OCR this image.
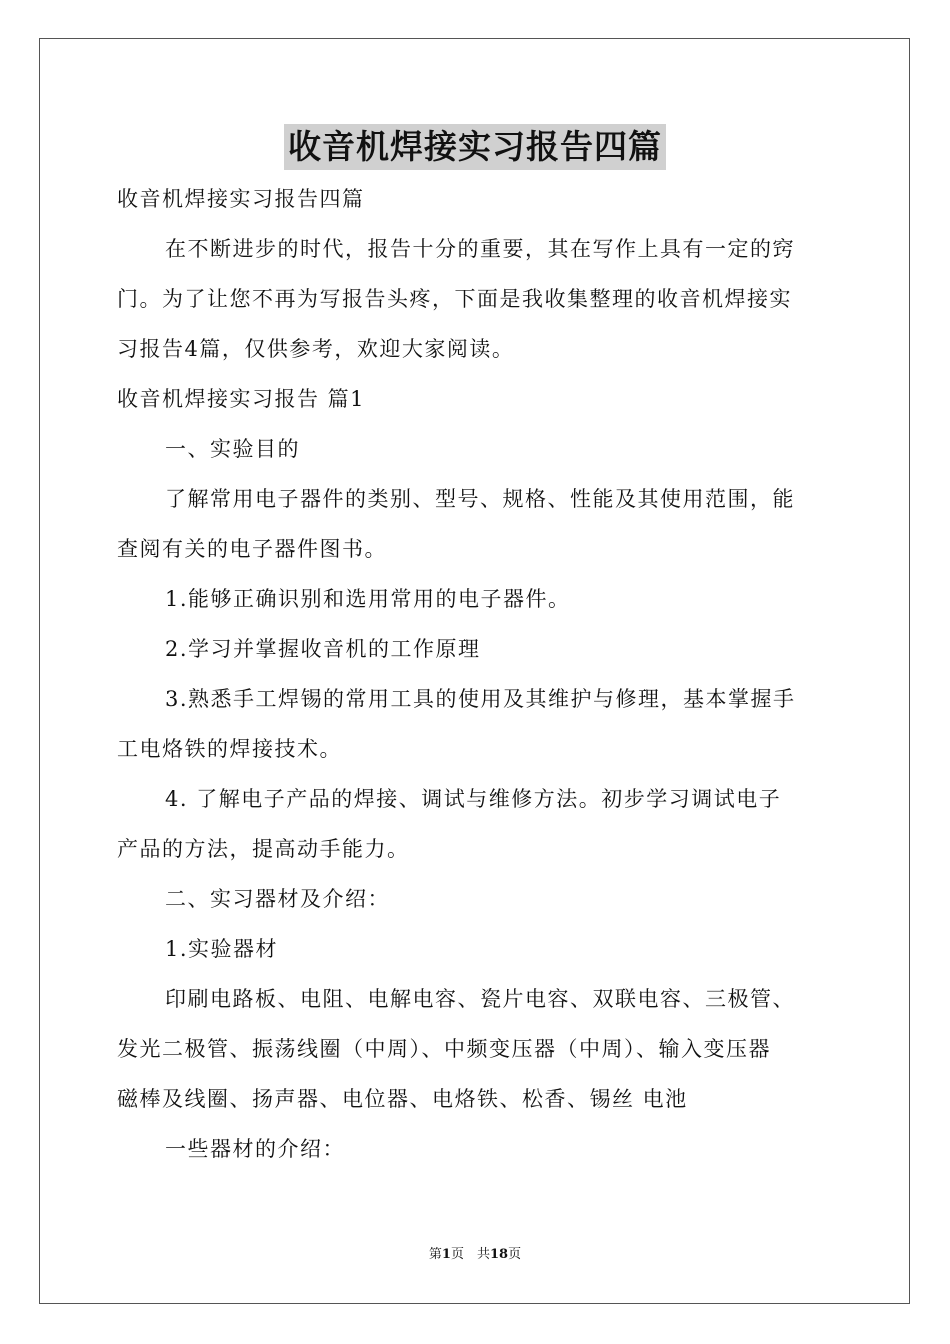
收音机焊接实习报告四篇
收音机焊接实习报告四篇
在不断进步的时代，报告十分的重要，其在写作上具有一定的窍
门。为了让您不再为写报告头疼，下面是我收集整理的收音机焊接实
习报告4篇，仅供参考，欢迎大家阅读。
收音机焊接实习报告 篇1
一、实验目的
了解常用电子器件的类别、型号、规格、性能及其使用范围，能
查阅有关的电子器件图书。
1.能够正确识别和选用常用的电子器件。
2.学习并掌握收音机的工作原理
3.熟悉手工焊锡的常用工具的使用及其维护与修理，基本掌握手
工电烙铁的焊接技术。
4. 了解电子产品的焊接、调试与维修方法。初步学习调试电子
产品的方法，提高动手能力。
二、实习器材及介绍：
1.实验器材
印刷电路板、电阻、电解电容、瓷片电容、双联电容、三极管、
发光二极管、振荡线圈（中周）、中频变压器（中周）、输入变压器
磁棒及线圈、扬声器、电位器、电烙铁、松香、锡丝 电池
一些器材的介绍：
第1页　共18页
